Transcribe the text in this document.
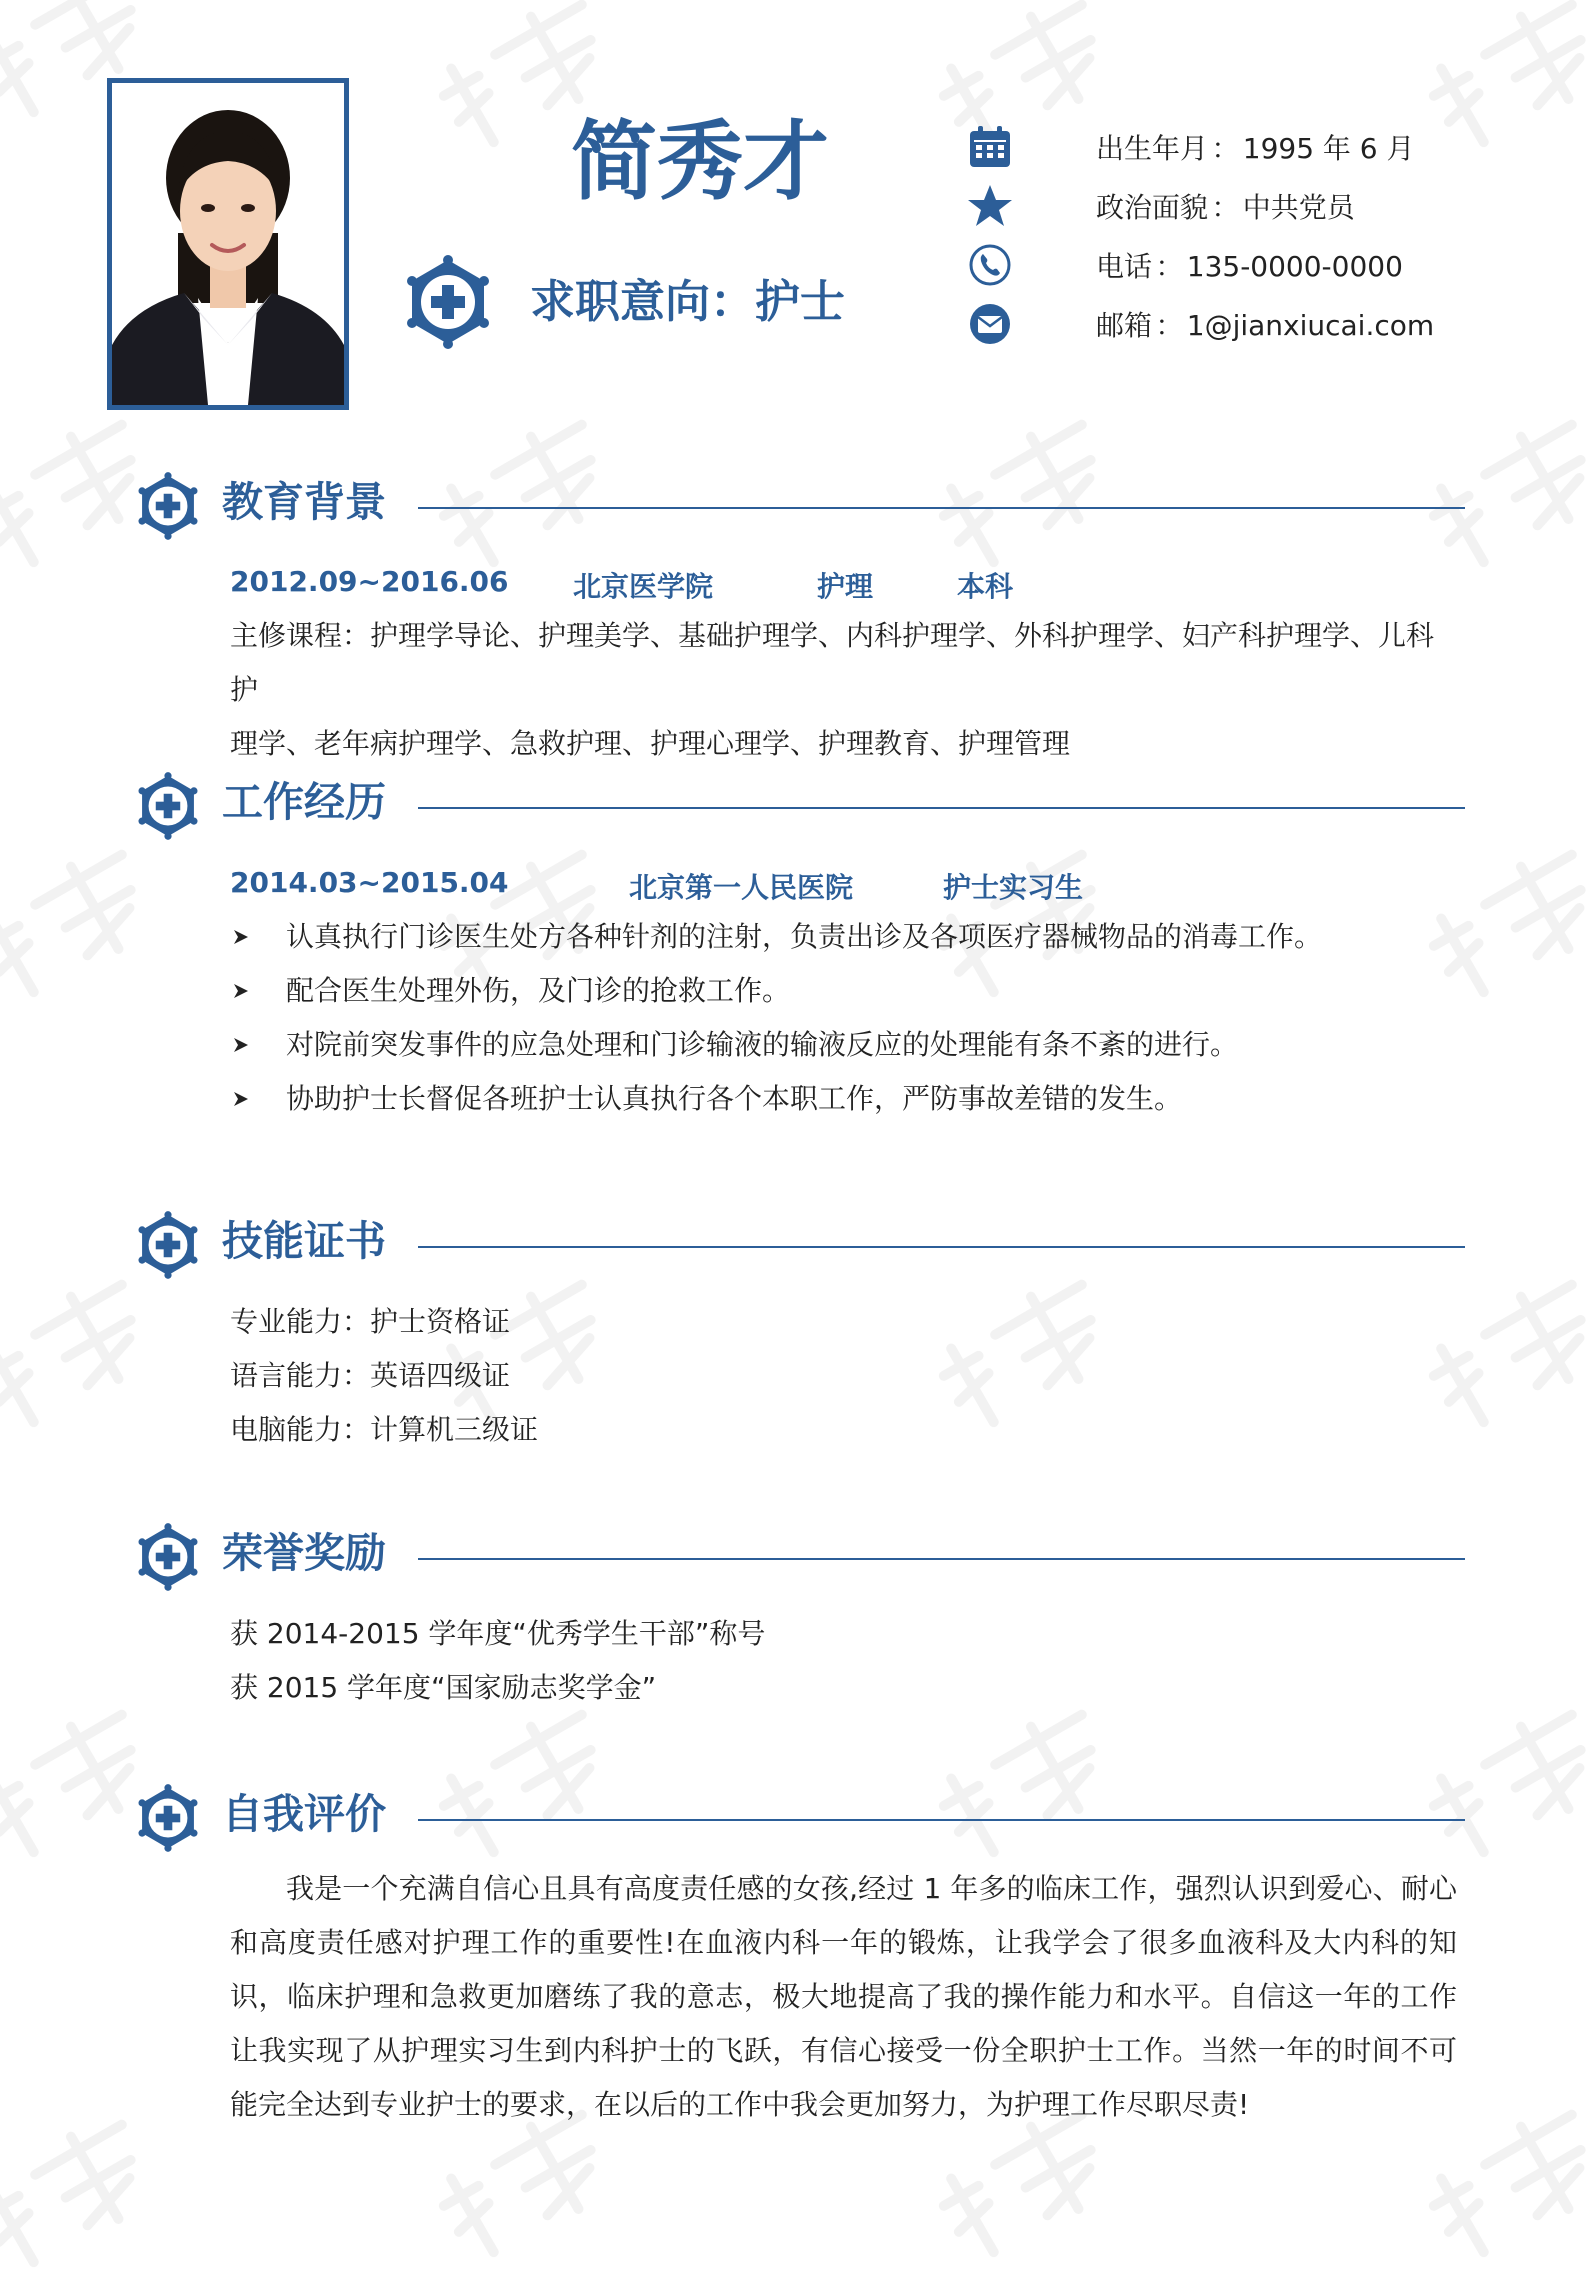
简秀才
求职意向：护士
出生年月 ： 1995 年 6 月
政治面貌 ： 中共党员
电话 ： 135-0000-0000
邮箱 ： 1@jianxiucai.com
教育背景
2012.09~2016.06 北京医学院	护理	本科
主修课程：护理学导论、护理美学、基础护理学、内科护理学、外科护理学、妇产科护理学、儿科护
理学、老年病护理学、急救护理、护理心理学、护理教育、护理管理
工作经历
2014.03~2015.04	北京第一人民医院	护士实习生
认真执行门诊医生处方各种针剂的注射，负责出诊及各项医疗器械物品的消毒工作。
配合医生处理外伤，及门诊的抢救工作。
对院前突发事件的应急处理和门诊输液的输液反应的处理能有条不紊的进行。
协助护士长督促各班护士认真执行各个本职工作，严防事故差错的发生。
技能证书
专业能力：护士资格证
语言能力：英语四级证
电脑能力：计算机三级证
荣誉奖励
获 2014-2015 学年度“优秀学生干部”称号
获 2015 学年度“国家励志奖学金”
自我评价
我是一个充满自信心且具有高度责任感的女孩,经过 1 年多的临床工作，强烈认识到爱心、耐心和高度责任感对护理工作的重要性!在血液内科一年的锻炼，让我学会了很多血液科及大内科的知识，临床护理和急救更加磨练了我的意志，极大地提高了我的操作能力和水平。自信这一年的工作让我实现了从护理实习生到内科护士的飞跃，有信心接受一份全职护士工作。当然一年的时间不可能完全达到专业护士的要求，在以后的工作中我会更加努力，为护理工作尽职尽责!
